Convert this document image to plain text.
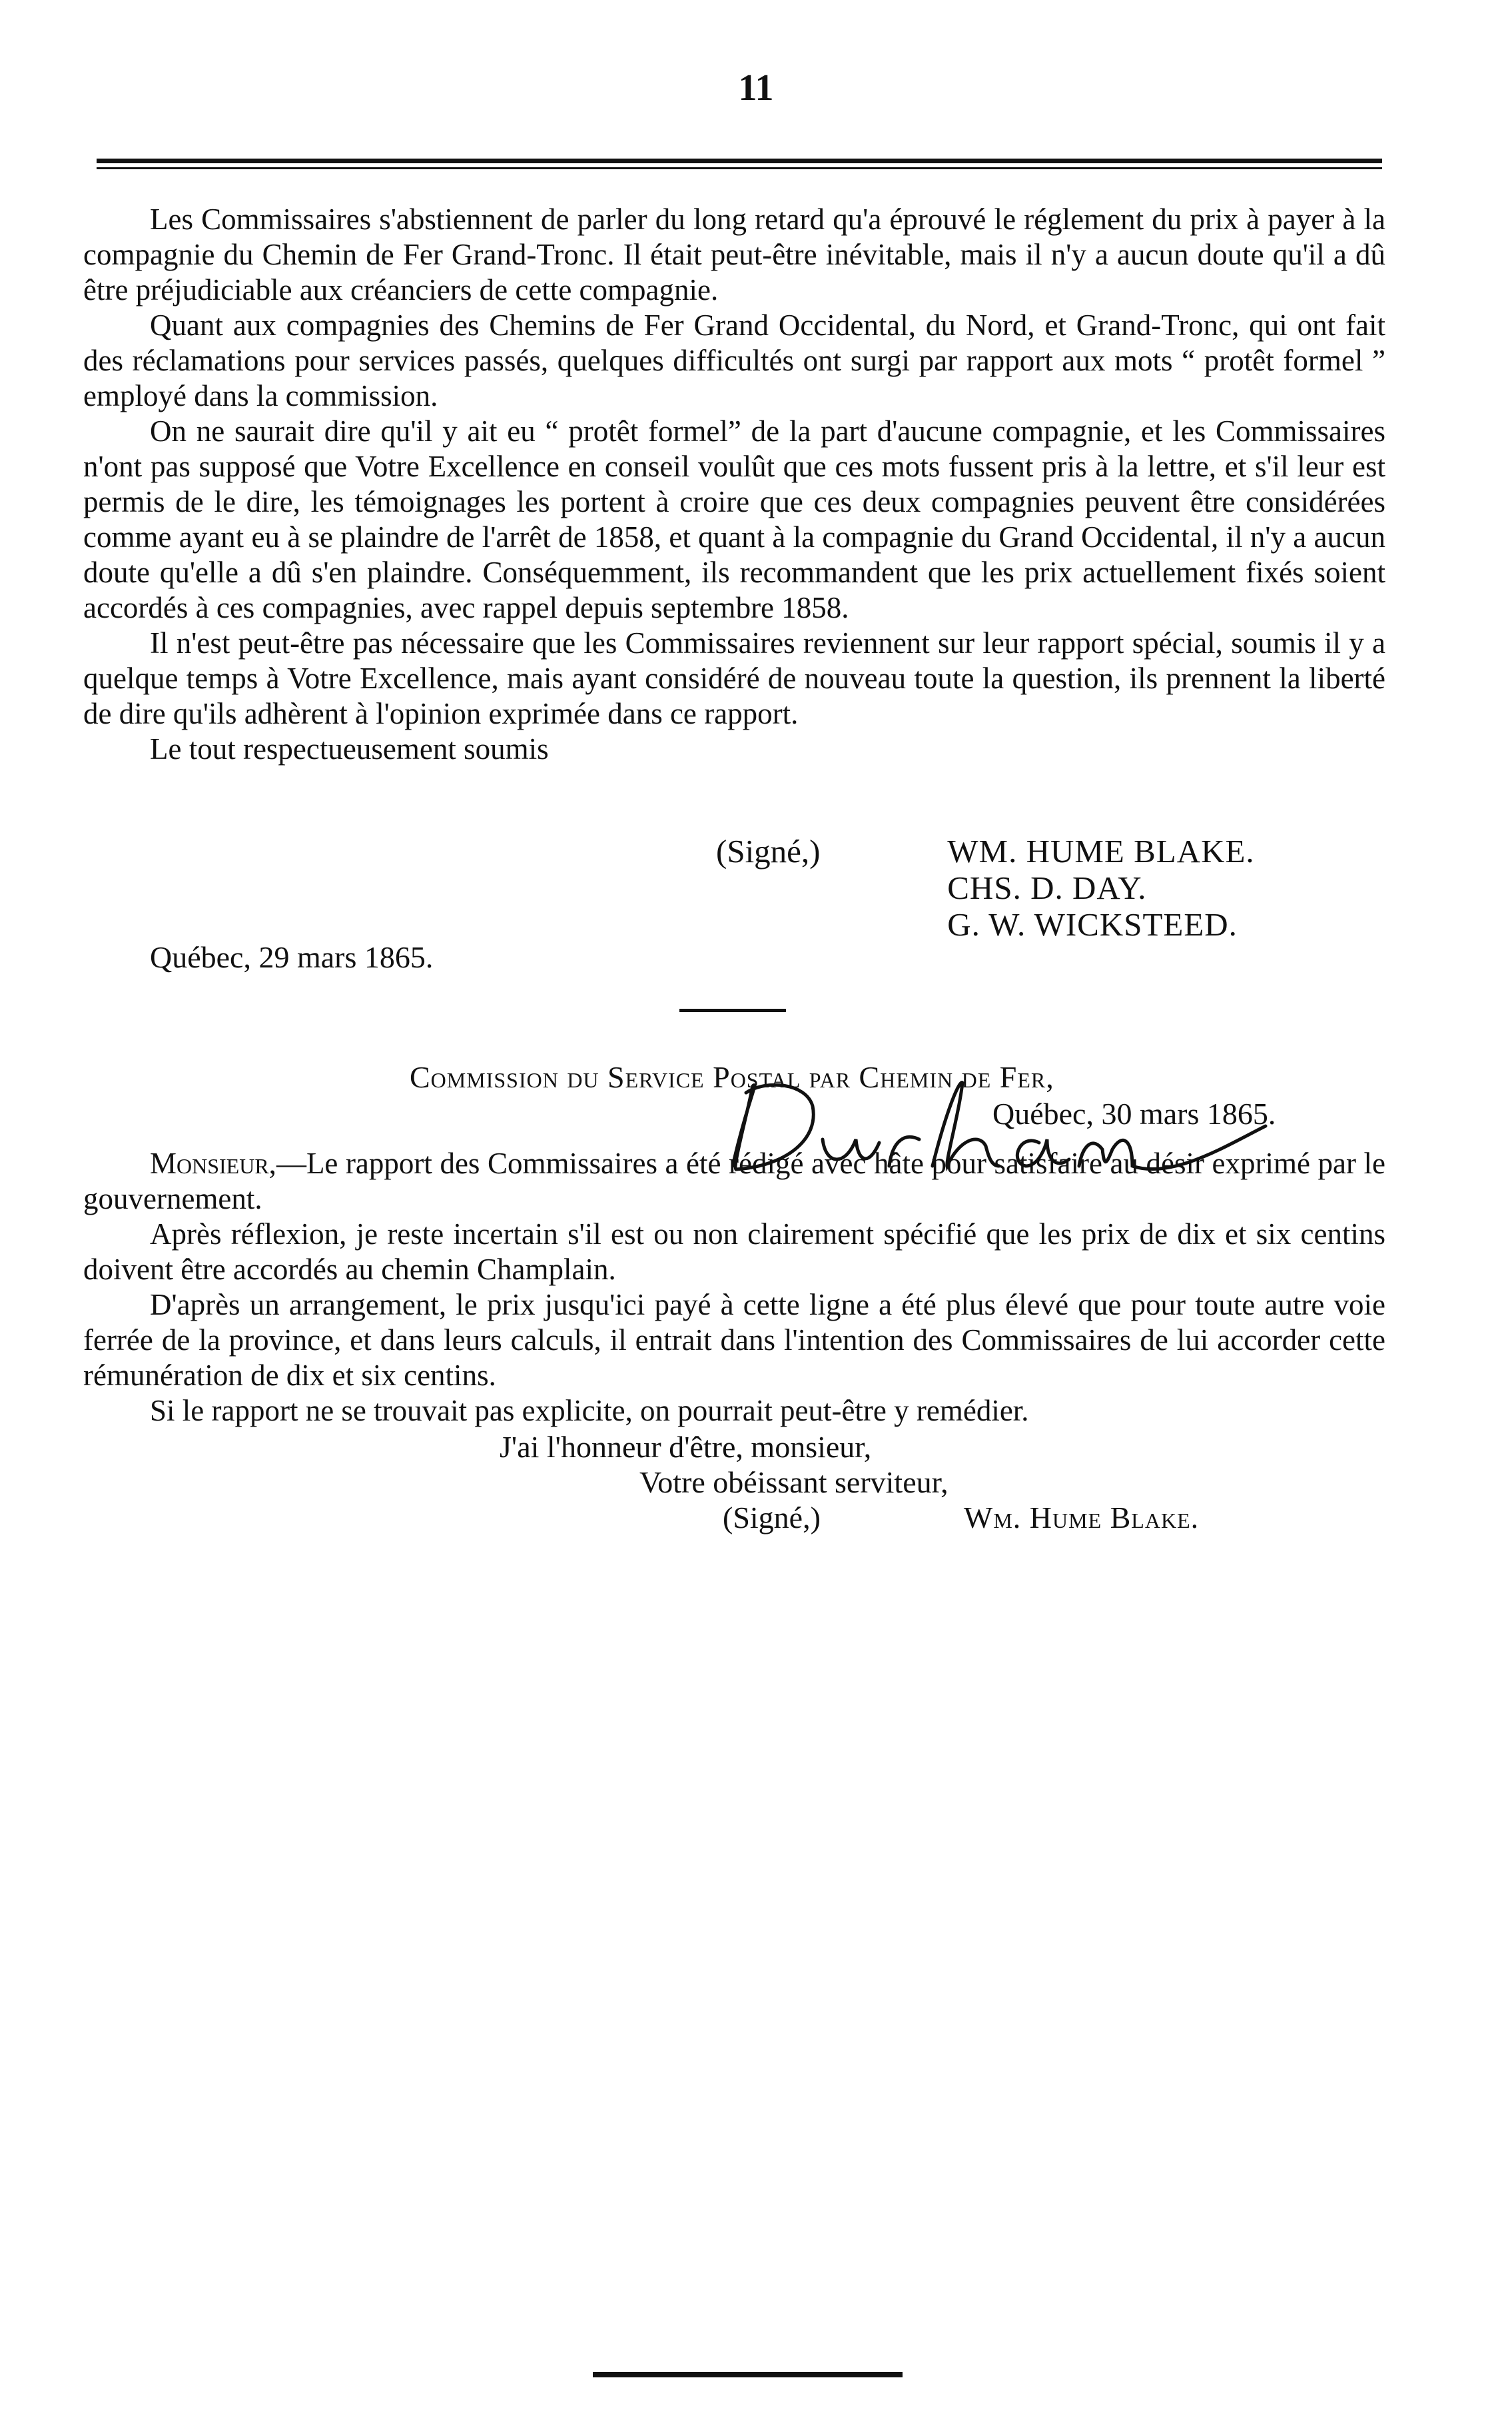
11

Les Commissaires s'abstiennent de parler du long retard qu'a éprouvé le réglement du prix à payer à la compagnie du Chemin de Fer Grand-Tronc. Il était peut-être inévitable, mais il n'y a aucun doute qu'il a dû être préjudiciable aux créanciers de cette compagnie.

Quant aux compagnies des Chemins de Fer Grand Occidental, du Nord, et Grand-Tronc, qui ont fait des réclamations pour services passés, quelques difficultés ont surgi par rapport aux mots “ protêt formel ” employé dans la commission.

On ne saurait dire qu'il y ait eu “ protêt formel” de la part d'aucune compagnie, et les Commissaires n'ont pas supposé que Votre Excellence en conseil voulût que ces mots fussent pris à la lettre, et s'il leur est permis de le dire, les témoignages les portent à croire que ces deux compagnies peuvent être considérées comme ayant eu à se plaindre de l'arrêt de 1858, et quant à la compagnie du Grand Occidental, il n'y a aucun doute qu'elle a dû s'en plaindre. Conséquemment, ils recommandent que les prix actuellement fixés soient accordés à ces compagnies, avec rappel depuis septembre 1858.

Il n'est peut-être pas nécessaire que les Commissaires reviennent sur leur rapport spécial, soumis il y a quelque temps à Votre Excellence, mais ayant considéré de nouveau toute la question, ils prennent la liberté de dire qu'ils adhèrent à l'opinion exprimée dans ce rapport.

Le tout respectueusement soumis

(Signé,)	WM. HUME BLAKE.
CHS. D. DAY.
G. W. WICKSTEED.
Québec, 29 mars 1865.
Commission du Service Postal par Chemin de Fer,
Québec, 30 mars 1865.

Monsieur,—Le rapport des Commissaires a été rédigé avec hâte pour satisfaire au désir exprimé par le gouvernement.

Après réflexion, je reste incertain s'il est ou non clairement spécifié que les prix de dix et six centins doivent être accordés au chemin Champlain.

D'après un arrangement, le prix jusqu'ici payé à cette ligne a été plus élevé que pour toute autre voie ferrée de la province, et dans leurs calculs, il entrait dans l'intention des Commissaires de lui accorder cette rémunération de dix et six centins.

Si le rapport ne se trouvait pas explicite, on pourrait peut-être y remédier.

J'ai l'honneur d'être, monsieur,
Votre obéissant serviteur,
(Signé,)	Wm. Hume Blake.
